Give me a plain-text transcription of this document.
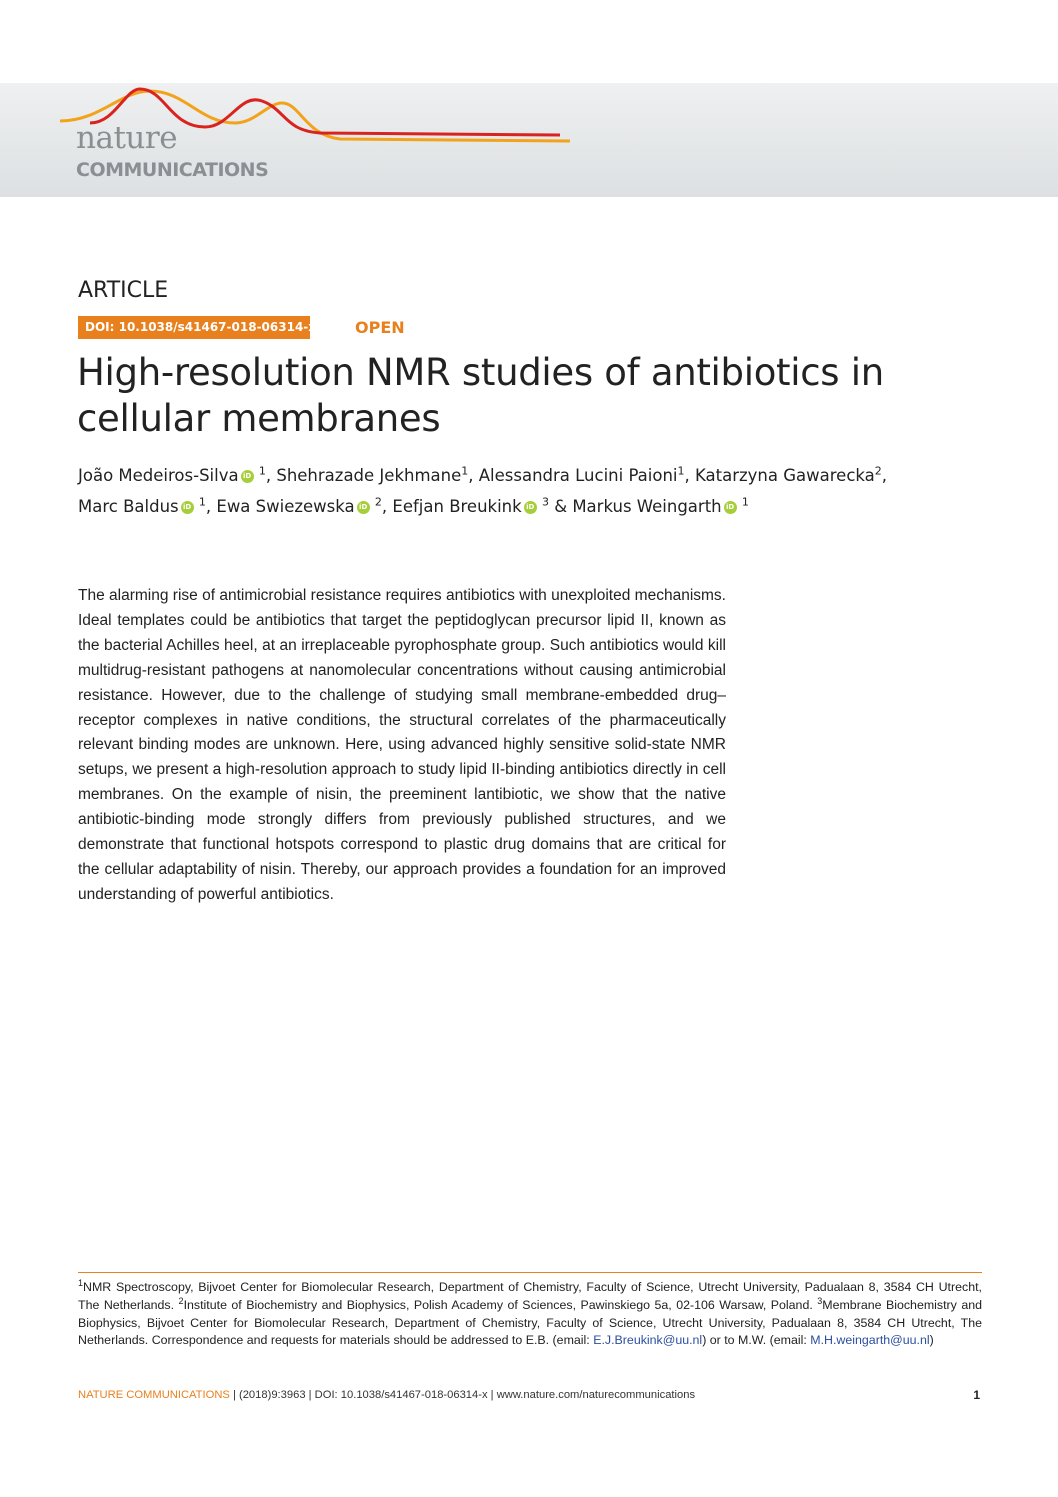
nature
COMMUNICATIONS
ARTICLE
DOI: 10.1038/s41467-018-06314-x OPEN
High-resolution NMR studies of antibiotics in cellular membranes
João Medeiros-Silva iD $^1$, Shehrazade Jekhmane$^1$, Alessandra Lucini Paioni$^1$, Katarzyna Gawarecka$^2$, Marc Baldus iD $^1$, Ewa Swiezewska iD $^2$, Eefjan Breukink iD $^3$ & Markus Weingarth iD $^1$

The alarming rise of antimicrobial resistance requires antibiotics with unexploited mechanisms. Ideal templates could be antibiotics that target the peptidoglycan precursor lipid II, known as the bacterial Achilles heel, at an irreplaceable pyrophosphate group. Such antibiotics would kill multidrug-resistant pathogens at nanomolecular concentrations without causing antimicrobial resistance. However, due to the challenge of studying small membrane-embedded drug–receptor complexes in native conditions, the structural correlates of the pharmaceutically relevant binding modes are unknown. Here, using advanced highly sensitive solid-state NMR setups, we present a high-resolution approach to study lipid II-binding antibiotics directly in cell membranes. On the example of nisin, the preeminent lantibiotic, we show that the native antibiotic-binding mode strongly differs from previously published structures, and we demonstrate that functional hotspots correspond to plastic drug domains that are critical for the cellular adaptability of nisin. Thereby, our approach provides a foundation for an improved understanding of powerful antibiotics.

$^1$NMR Spectroscopy, Bijvoet Center for Biomolecular Research, Department of Chemistry, Faculty of Science, Utrecht University, Padualaan 8, 3584 CH Utrecht, The Netherlands. $^2$Institute of Biochemistry and Biophysics, Polish Academy of Sciences, Pawinskiego 5a, 02-106 Warsaw, Poland. $^3$Membrane Biochemistry and Biophysics, Bijvoet Center for Biomolecular Research, Department of Chemistry, Faculty of Science, Utrecht University, Padualaan 8, 3584 CH Utrecht, The Netherlands. Correspondence and requests for materials should be addressed to E.B. (email: E.J.Breukink@uu.nl) or to M.W. (email: M.H.weingarth@uu.nl)

NATURE COMMUNICATIONS | (2018)9:3963 | DOI: 10.1038/s41467-018-06314-x | www.nature.com/naturecommunications	1
